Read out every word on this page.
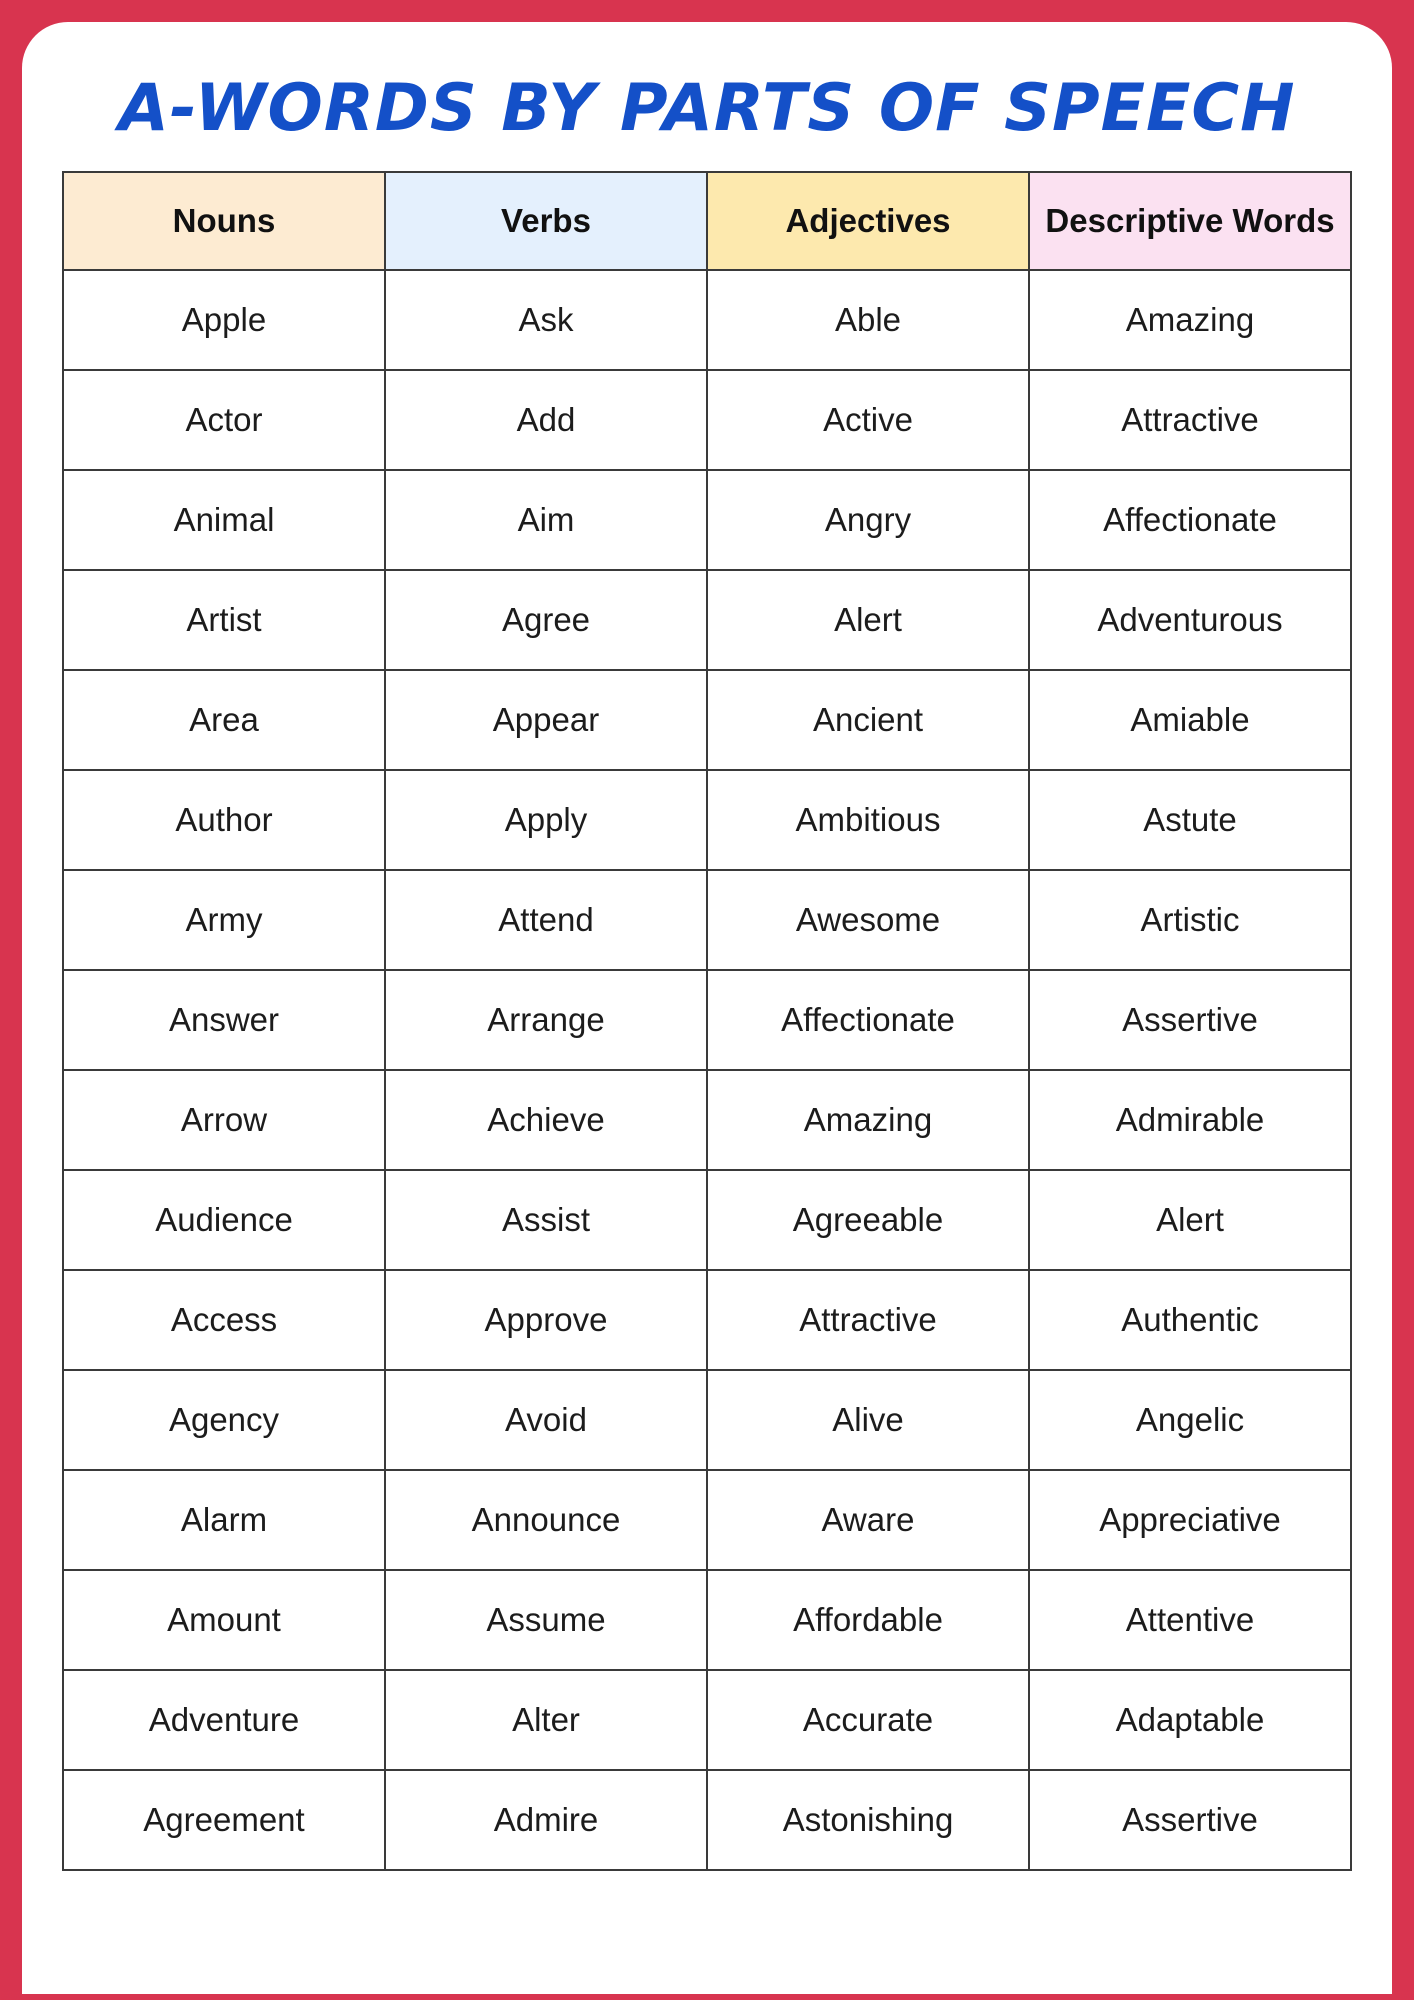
A-WORDS BY PARTS OF SPEECH
Nouns	Verbs	Adjectives	Descriptive Words
Apple	Ask	Able	Amazing
Actor	Add	Active	Attractive
Animal	Aim	Angry	Affectionate
Artist	Agree	Alert	Adventurous
Area	Appear	Ancient	Amiable
Author	Apply	Ambitious	Astute
Army	Attend	Awesome	Artistic
Answer	Arrange	Affectionate	Assertive
Arrow	Achieve	Amazing	Admirable
Audience	Assist	Agreeable	Alert
Access	Approve	Attractive	Authentic
Agency	Avoid	Alive	Angelic
Alarm	Announce	Aware	Appreciative
Amount	Assume	Affordable	Attentive
Adventure	Alter	Accurate	Adaptable
Agreement	Admire	Astonishing	Assertive
